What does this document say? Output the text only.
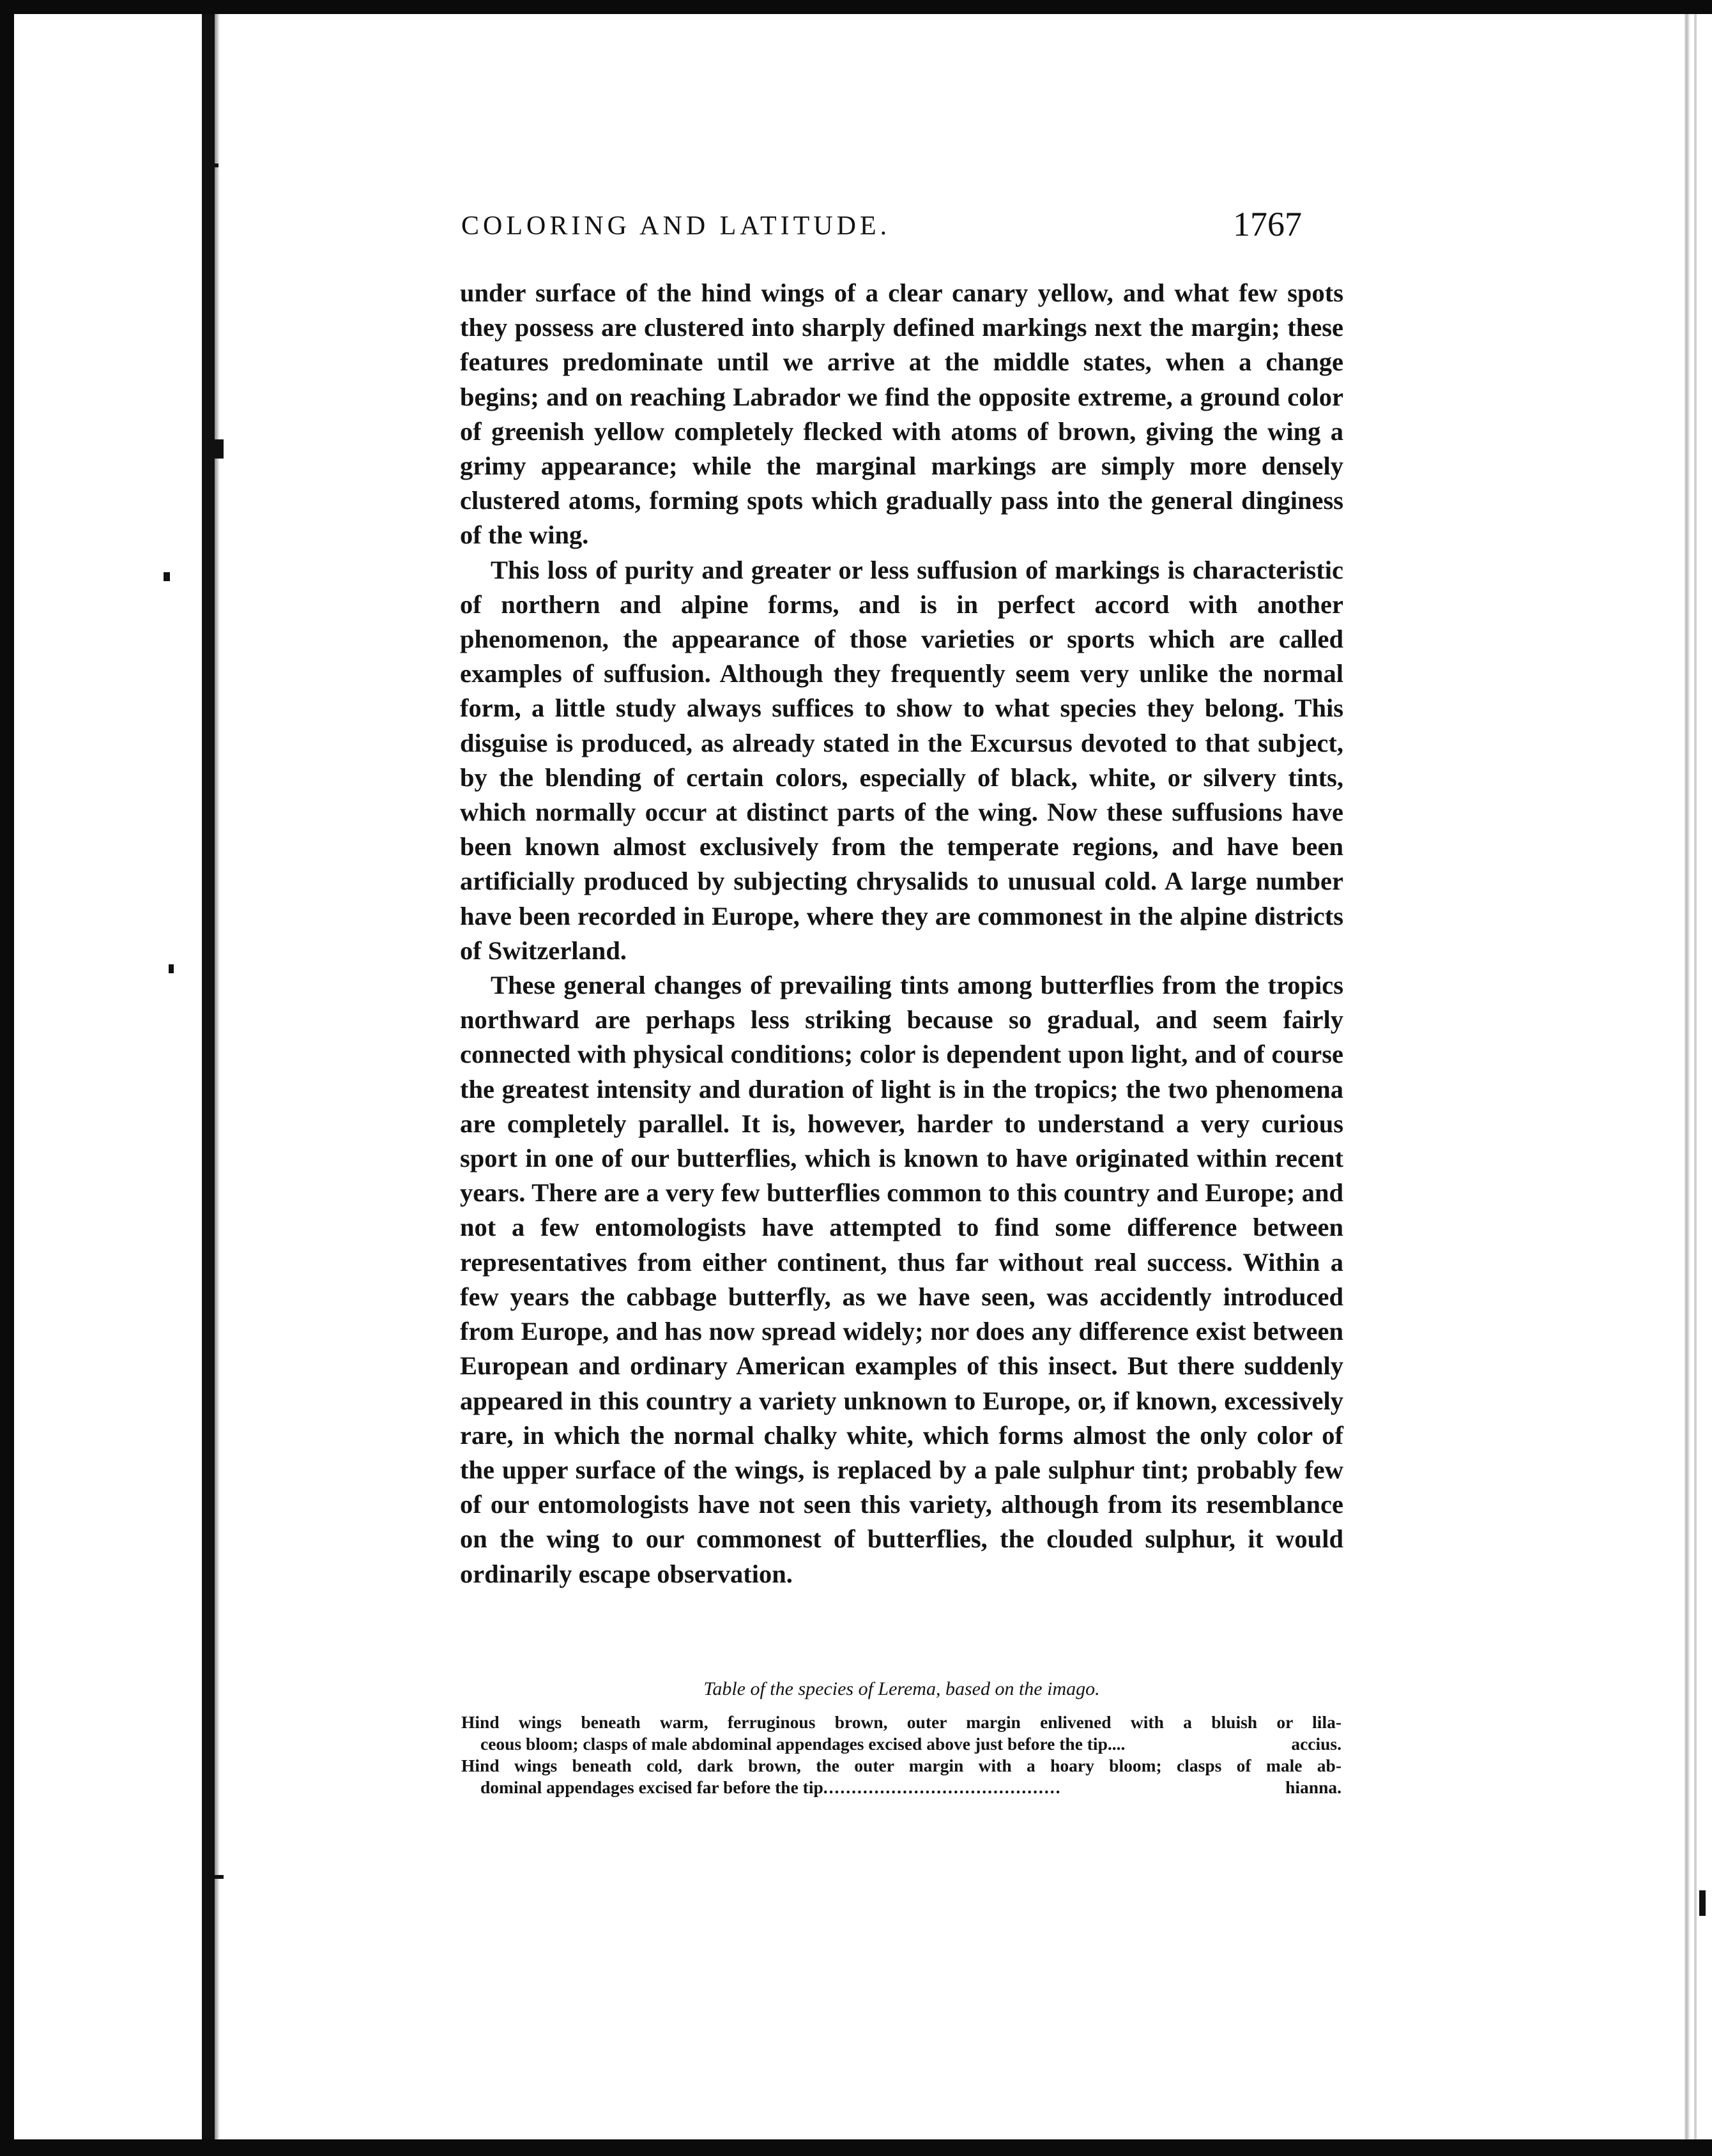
COLORING AND LATITUDE.	1767

under surface of the hind wings of a clear canary yellow, and what few spots they possess are clustered into sharply defined markings next the margin; these features predominate until we arrive at the middle states, when a change begins; and on reaching Labrador we find the opposite extreme, a ground color of greenish yellow completely flecked with atoms of brown, giving the wing a grimy appearance; while the marginal markings are simply more densely clustered atoms, forming spots which gradually pass into the general dinginess of the wing.

This loss of purity and greater or less suffusion of markings is characteristic of northern and alpine forms, and is in perfect accord with another phenomenon, the appearance of those varieties or sports which are called examples of suffusion. Although they frequently seem very unlike the normal form, a little study always suffices to show to what species they belong. This disguise is produced, as already stated in the Excursus devoted to that subject, by the blending of certain colors, especially of black, white, or silvery tints, which normally occur at distinct parts of the wing. Now these suffusions have been known almost exclusively from the temperate regions, and have been artificially produced by subjecting chrysalids to unusual cold. A large number have been recorded in Europe, where they are commonest in the alpine districts of Switzerland.

These general changes of prevailing tints among butterflies from the tropics northward are perhaps less striking because so gradual, and seem fairly connected with physical conditions; color is dependent upon light, and of course the greatest intensity and duration of light is in the tropics; the two phenomena are completely parallel. It is, however, harder to understand a very curious sport in one of our butterflies, which is known to have originated within recent years. There are a very few butterflies common to this country and Europe; and not a few entomologists have attempted to find some difference between representatives from either continent, thus far without real success. Within a few years the cabbage butterfly, as we have seen, was accidently introduced from Europe, and has now spread widely; nor does any difference exist between European and ordinary American examples of this insect. But there suddenly appeared in this country a variety unknown to Europe, or, if known, excessively rare, in which the normal chalky white, which forms almost the only color of the upper surface of the wings, is replaced by a pale sulphur tint; probably few of our entomologists have not seen this variety, although from its resemblance on the wing to our commonest of butterflies, the clouded sulphur, it would ordinarily escape observation.

Table of the species of Lerema, based on the imago.
Hind wings beneath warm, ferruginous brown, outer margin enlivened with a bluish or lila-
ceous bloom; clasps of male abdominal appendages excised above just before the tip....	accius.
Hind wings beneath cold, dark brown, the outer margin with a hoary bloom; clasps of male ab-
dominal appendages excised far before the tip ..........................................	hianna.
